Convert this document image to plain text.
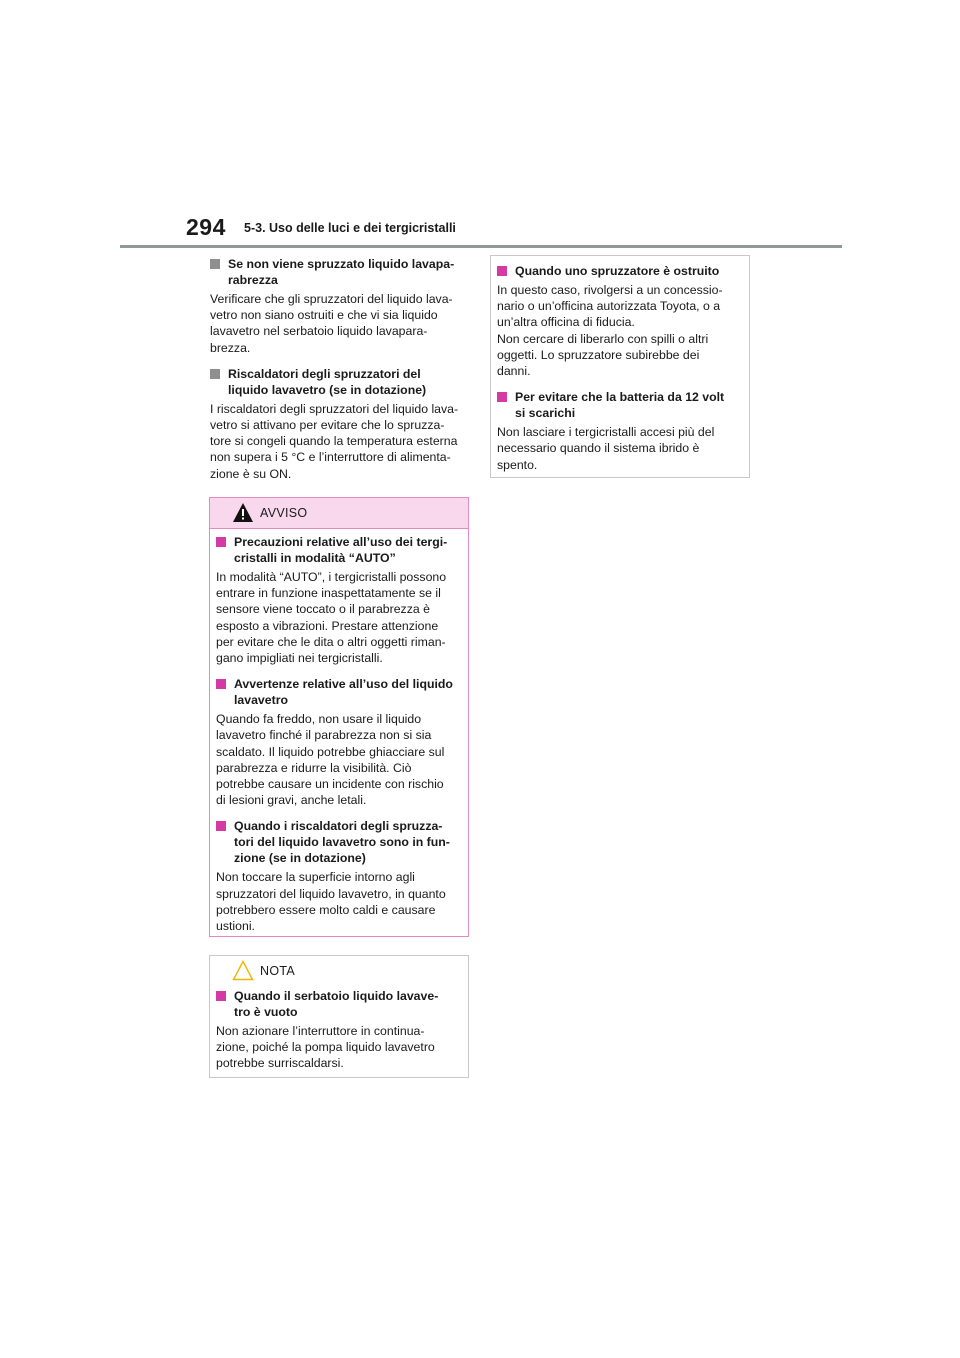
294 5-3. Uso delle luci e dei tergicristalli
Se non viene spruzzato liquido lavapa-
rabrezza
Verificare che gli spruzzatori del liquido lava-
vetro non siano ostruiti e che vi sia liquido
lavavetro nel serbatoio liquido lavapara-
brezza.
Riscaldatori degli spruzzatori del
liquido lavavetro (se in dotazione)
I riscaldatori degli spruzzatori del liquido lava-
vetro si attivano per evitare che lo spruzza-
tore si congeli quando la temperatura esterna
non supera i 5 °C e l’interruttore di alimenta-
zione è su ON.
AVVISO
Precauzioni relative all’uso dei tergi-
cristalli in modalità “AUTO”
In modalità “AUTO”, i tergicristalli possono
entrare in funzione inaspettatamente se il
sensore viene toccato o il parabrezza è
esposto a vibrazioni. Prestare attenzione
per evitare che le dita o altri oggetti riman-
gano impigliati nei tergicristalli.
Avvertenze relative all’uso del liquido
lavavetro
Quando fa freddo, non usare il liquido
lavavetro finché il parabrezza non si sia
scaldato. Il liquido potrebbe ghiacciare sul
parabrezza e ridurre la visibilità. Ciò
potrebbe causare un incidente con rischio
di lesioni gravi, anche letali.
Quando i riscaldatori degli spruzza-
tori del liquido lavavetro sono in fun-
zione (se in dotazione)
Non toccare la superficie intorno agli
spruzzatori del liquido lavavetro, in quanto
potrebbero essere molto caldi e causare
ustioni.
NOTA
Quando il serbatoio liquido lavave-
tro è vuoto
Non azionare l’interruttore in continua-
zione, poiché la pompa liquido lavavetro
potrebbe surriscaldarsi.
Quando uno spruzzatore è ostruito
In questo caso, rivolgersi a un concessio-
nario o un’officina autorizzata Toyota, o a
un’altra officina di fiducia.
Non cercare di liberarlo con spilli o altri
oggetti. Lo spruzzatore subirebbe dei
danni.
Per evitare che la batteria da 12 volt
si scarichi
Non lasciare i tergicristalli accesi più del
necessario quando il sistema ibrido è
spento.
